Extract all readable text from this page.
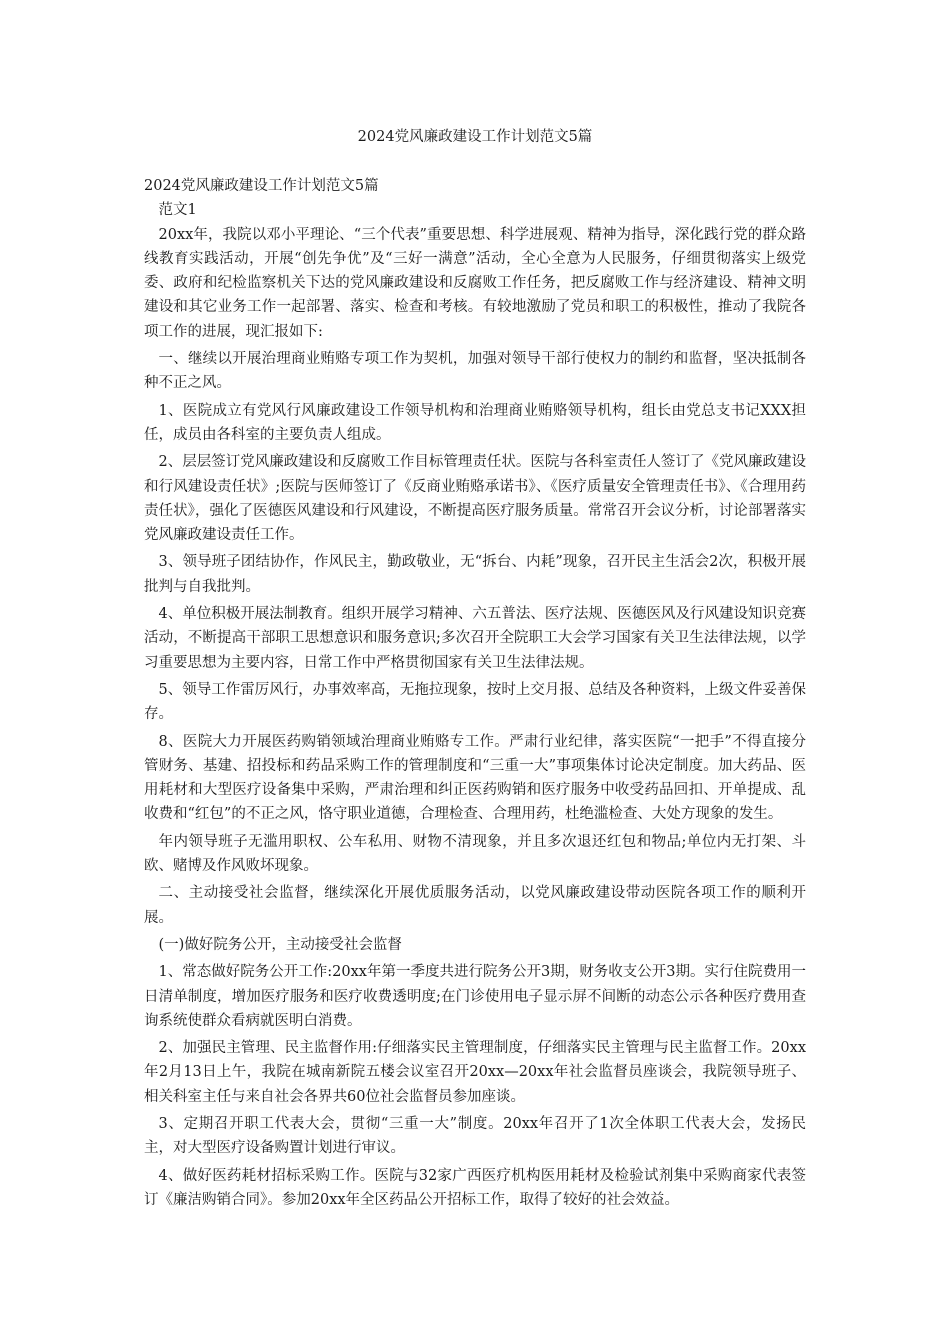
2024党风廉政建设工作计划范文5篇

2024党风廉政建设工作计划范文5篇

范文1

20xx年，我院以邓小平理论、“三个代表”重要思想、科学进展观、精神为指导，深化践行党的群众路线教育实践活动，开展“创先争优”及“三好一满意”活动，全心全意为人民服务，仔细贯彻落实上级党委、政府和纪检监察机关下达的党风廉政建设和反腐败工作任务，把反腐败工作与经济建设、精神文明建设和其它业务工作一起部署、落实、检查和考核。有较地激励了党员和职工的积极性，推动了我院各项工作的进展，现汇报如下:

一、继续以开展治理商业贿赂专项工作为契机，加强对领导干部行使权力的制约和监督，坚决抵制各种不正之风。

1、医院成立有党风行风廉政建设工作领导机构和治理商业贿赂领导机构，组长由党总支书记XXX担任，成员由各科室的主要负责人组成。

2、层层签订党风廉政建设和反腐败工作目标管理责任状。医院与各科室责任人签订了《党风廉政建设和行风建设责任状》;医院与医师签订了《反商业贿赂承诺书》、《医疗质量安全管理责任书》、《合理用药责任状》，强化了医德医风建设和行风建设，不断提高医疗服务质量。常常召开会议分析，讨论部署落实党风廉政建设责任工作。

3、领导班子团结协作，作风民主，勤政敬业，无“拆台、内耗”现象，召开民主生活会2次，积极开展批判与自我批判。

4、单位积极开展法制教育。组织开展学习精神、六五普法、医疗法规、医德医风及行风建设知识竞赛活动，不断提高干部职工思想意识和服务意识;多次召开全院职工大会学习国家有关卫生法律法规，以学习重要思想为主要内容，日常工作中严格贯彻国家有关卫生法律法规。

5、领导工作雷厉风行，办事效率高，无拖拉现象，按时上交月报、总结及各种资料，上级文件妥善保存。

8、医院大力开展医药购销领域治理商业贿赂专工作。严肃行业纪律，落实医院“一把手”不得直接分管财务、基建、招投标和药品采购工作的管理制度和“三重一大”事项集体讨论决定制度。加大药品、医用耗材和大型医疗设备集中采购，严肃治理和纠正医药购销和医疗服务中收受药品回扣、开单提成、乱收费和“红包”的不正之风，恪守职业道德，合理检查、合理用药，杜绝滥检查、大处方现象的发生。

年内领导班子无滥用职权、公车私用、财物不清现象，并且多次退还红包和物品;单位内无打架、斗欧、赌博及作风败坏现象。

二、主动接受社会监督，继续深化开展优质服务活动，以党风廉政建设带动医院各项工作的顺利开展。

(一)做好院务公开，主动接受社会监督

1、常态做好院务公开工作:20xx年第一季度共进行院务公开3期，财务收支公开3期。实行住院费用一日清单制度，增加医疗服务和医疗收费透明度;在门诊使用电子显示屏不间断的动态公示各种医疗费用查询系统使群众看病就医明白消费。

2、加强民主管理、民主监督作用:仔细落实民主管理制度，仔细落实民主管理与民主监督工作。20xx年2月13日上午，我院在城南新院五楼会议室召开20xx—20xx年社会监督员座谈会，我院领导班子、相关科室主任与来自社会各界共60位社会监督员参加座谈。

3、定期召开职工代表大会，贯彻“三重一大”制度。20xx年召开了1次全体职工代表大会，发扬民主，对大型医疗设备购置计划进行审议。

4、做好医药耗材招标采购工作。医院与32家广西医疗机构医用耗材及检验试剂集中采购商家代表签订《廉洁购销合同》。参加20xx年全区药品公开招标工作，取得了较好的社会效益。
